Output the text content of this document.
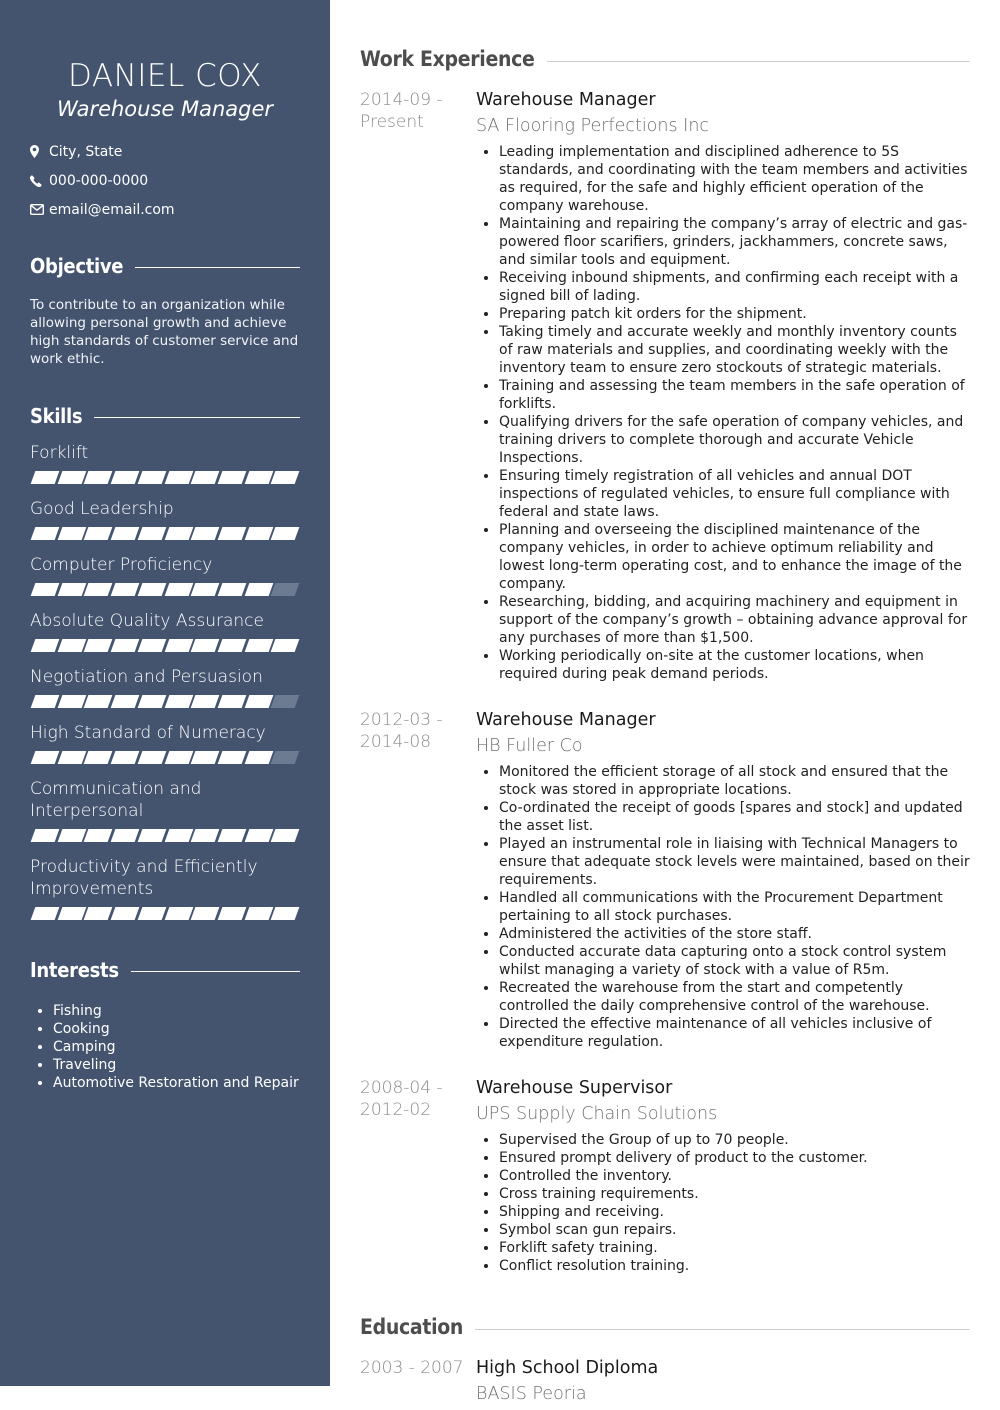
DANIEL COX
Warehouse Manager
City, State
000-000-0000
email@email.com
Objective

To contribute to an organization while allowing personal growth and achieve high standards of customer service and work ethic.

Skills
Forklift
Good Leadership
Computer Proficiency
Absolute Quality Assurance
Negotiation and Persuasion
High Standard of Numeracy
Communication and Interpersonal
Productivity and Efficiently Improvements
Interests
• Fishing
• Cooking
• Camping
• Traveling
• Automotive Restoration and Repair
Work Experience
2014-09 - Present
Warehouse Manager
SA Flooring Perfections Inc
• Leading implementation and disciplined adherence to 5S standards, and coordinating with the team members and activities as required, for the safe and highly efficient operation of the company warehouse.
• Maintaining and repairing the company’s array of electric and gas-powered floor scarifiers, grinders, jackhammers, concrete saws, and similar tools and equipment.
• Receiving inbound shipments, and confirming each receipt with a signed bill of lading.
• Preparing patch kit orders for the shipment.
• Taking timely and accurate weekly and monthly inventory counts of raw materials and supplies, and coordinating weekly with the inventory team to ensure zero stockouts of strategic materials.
• Training and assessing the team members in the safe operation of forklifts.
• Qualifying drivers for the safe operation of company vehicles, and training drivers to complete thorough and accurate Vehicle Inspections.
• Ensuring timely registration of all vehicles and annual DOT inspections of regulated vehicles, to ensure full compliance with federal and state laws.
• Planning and overseeing the disciplined maintenance of the company vehicles, in order to achieve optimum reliability and lowest long-term operating cost, and to enhance the image of the company.
• Researching, bidding, and acquiring machinery and equipment in support of the company’s growth – obtaining advance approval for any purchases of more than $1,500.
• Working periodically on-site at the customer locations, when required during peak demand periods.
2012-03 - 2014-08
Warehouse Manager
HB Fuller Co
• Monitored the efficient storage of all stock and ensured that the stock was stored in appropriate locations.
• Co-ordinated the receipt of goods [spares and stock] and updated the asset list.
• Played an instrumental role in liaising with Technical Managers to ensure that adequate stock levels were maintained, based on their requirements.
• Handled all communications with the Procurement Department pertaining to all stock purchases.
• Administered the activities of the store staff.
• Conducted accurate data capturing onto a stock control system whilst managing a variety of stock with a value of R5m.
• Recreated the warehouse from the start and competently controlled the daily comprehensive control of the warehouse.
• Directed the effective maintenance of all vehicles inclusive of expenditure regulation.
2008-04 - 2012-02
Warehouse Supervisor
UPS Supply Chain Solutions
• Supervised the Group of up to 70 people.
• Ensured prompt delivery of product to the customer.
• Controlled the inventory.
• Cross training requirements.
• Shipping and receiving.
• Symbol scan gun repairs.
• Forklift safety training.
• Conflict resolution training.
Education
2003 - 2007 High School Diploma
BASIS Peoria
